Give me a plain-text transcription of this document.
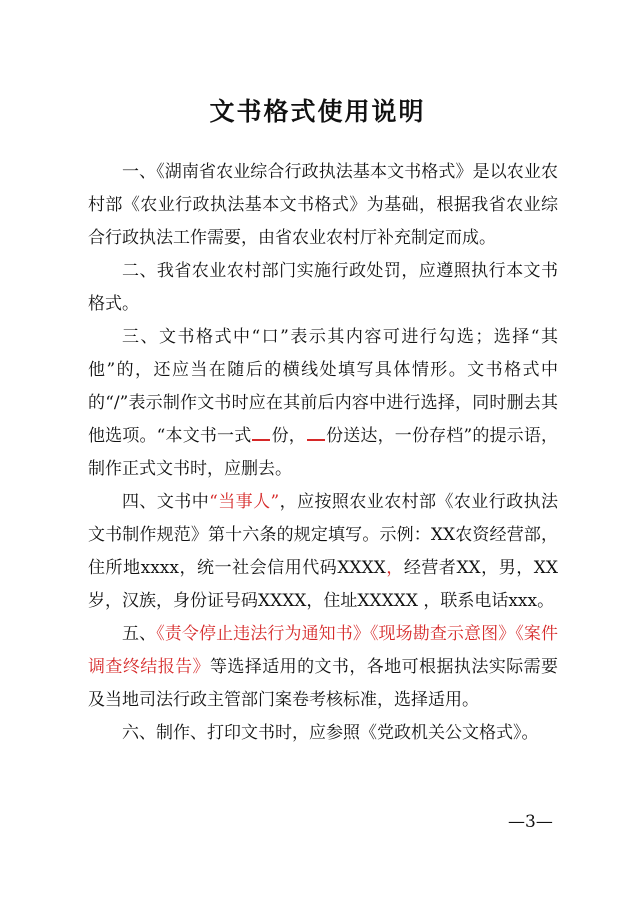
文书格式使用说明

一、《湖南省农业综合行政执法基本文书格式》是以农业农村部《农业行政执法基本文书格式》为基础，根据我省农业综合行政执法工作需要，由省农业农村厅补充制定而成。

二、我省农业农村部门实施行政处罚，应遵照执行本文书格式。

三、文书格式中“口”表示其内容可进行勾选；选择“其他”的，还应当在随后的横线处填写具体情形。文书格式中的“/”表示制作文书时应在其前后内容中进行选择，同时删去其他选项。“本文书一式 份， 份送达，一份存档”的提示语，制作正式文书时，应删去。

四、文书中“当事人”，应按照农业农村部《农业行政执法文书制作规范》第十六条的规定填写。示例：XX农资经营部，住所地xxxx，统一社会信用代码XXXX，经营者XX，男，XX岁，汉族，身份证号码XXXX，住址XXXXX ，联系电话xxx。

五、《责令停止违法行为通知书》《现场勘查示意图》《案件调查终结报告》等选择适用的文书，各地可根据执法实际需要及当地司法行政主管部门案卷考核标准，选择适用。

六、制作、打印文书时，应参照《党政机关公文格式》。

—3—
